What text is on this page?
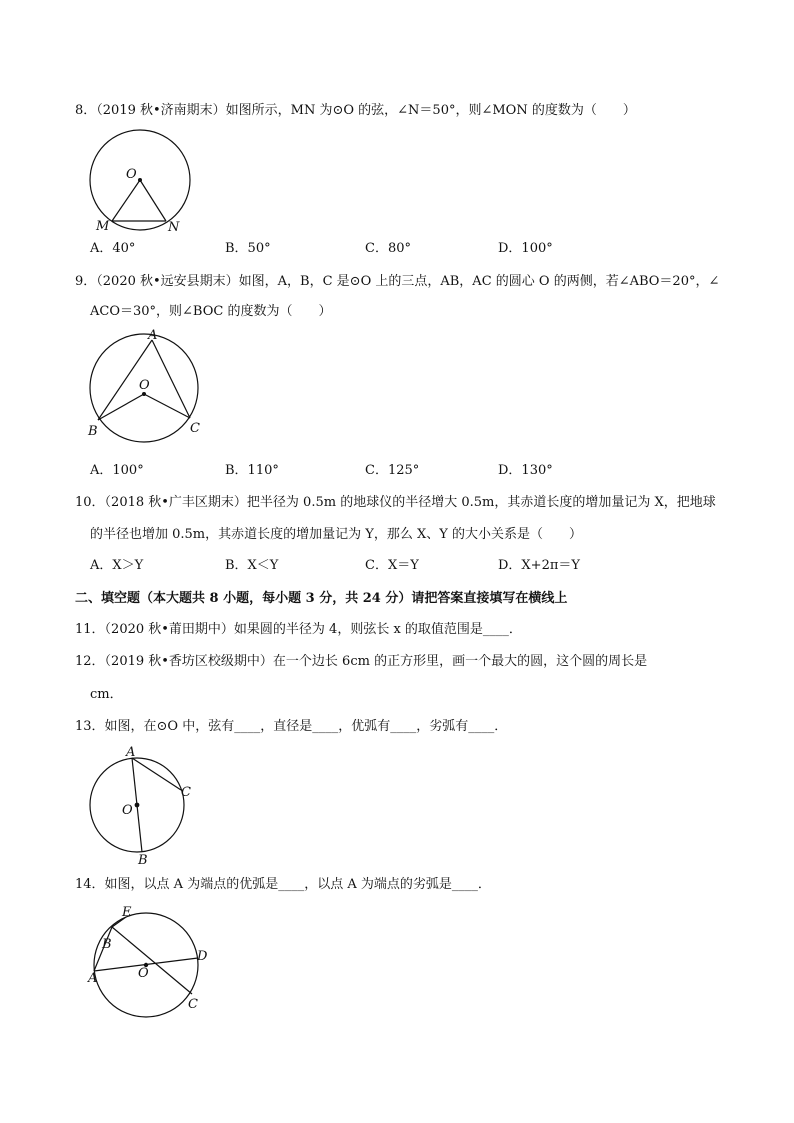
8．（2019 秋•济南期末）如图所示，MN 为⊙O 的弦，∠N＝50°，则∠MON 的度数为（　　）
O
M	N
A．40°	B．50°	C．80°	D．100°
9．（2020 秋•远安县期末）如图，A，B，C 是⊙O 上的三点，AB，AC 的圆心 O 的两侧，若∠ABO＝20°，∠
ACO＝30°，则∠BOC 的度数为（　　）
A
O
B	C
A．100°	B．110°	C．125°	D．130°
10．（2018 秋•广丰区期末）把半径为 0.5m 的地球仪的半径增大 0.5m，其赤道长度的增加量记为 X，把地球
的半径也增加 0.5m，其赤道长度的增加量记为 Y，那么 X、Y 的大小关系是（　　）
A．X＞Y	B．X＜Y	C．X＝Y	D．X+2π＝Y
二、填空题（本大题共 8 小题，每小题 3 分，共 24 分）请把答案直接填写在横线上
11．（2020 秋•莆田期中）如果圆的半径为 4，则弦长 x 的取值范围是____．
12．（2019 秋•香坊区校级期中）在一个边长 6cm 的正方形里，画一个最大的圆，这个圆的周长是
cm．
13．如图，在⊙O 中，弦有____，直径是____，优弧有____，劣弧有____．
A
O
C
B
14．如图，以点 A 为端点的优弧是____，以点 A 为端点的劣弧是____．
E
B
D
A	O
C
